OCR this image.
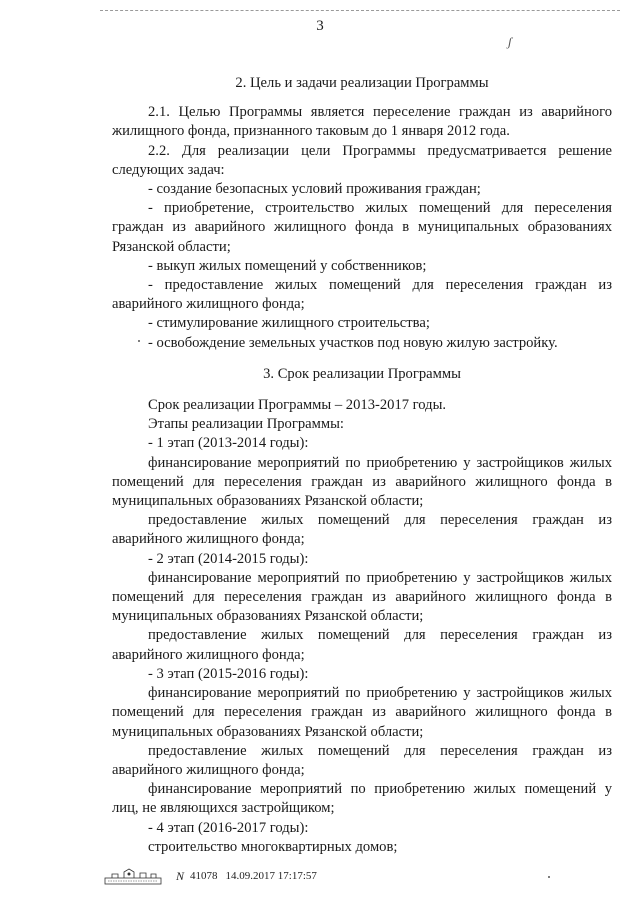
3
ʃ

2. Цель и задачи реализации Программы

2.1. Целью Программы является переселение граждан из аварийного жилищного фонда, признанного таковым до 1 января 2012 года.

2.2. Для реализации цели Программы предусматривается решение следующих задач:

- создание безопасных условий проживания граждан;

- приобретение, строительство жилых помещений для переселения граждан из аварийного жилищного фонда в муниципальных образованиях Рязанской области;

- выкуп жилых помещений у собственников;

- предоставление жилых помещений для переселения граждан из аварийного жилищного фонда;

- стимулирование жилищного строительства;

- освобождение земельных участков под новую жилую застройку.

3. Срок реализации Программы

Срок реализации Программы – 2013-2017 годы.

Этапы реализации Программы:

- 1 этап (2013-2014 годы):

финансирование мероприятий по приобретению у застройщиков жилых помещений для переселения граждан из аварийного жилищного фонда в муниципальных образованиях Рязанской области;

предоставление жилых помещений для переселения граждан из аварийного жилищного фонда;

- 2 этап (2014-2015 годы):

финансирование мероприятий по приобретению у застройщиков жилых помещений для переселения граждан из аварийного жилищного фонда в муниципальных образованиях Рязанской области;

предоставление жилых помещений для переселения граждан из аварийного жилищного фонда;

- 3 этап (2015-2016 годы):

финансирование мероприятий по приобретению у застройщиков жилых помещений для переселения граждан из аварийного жилищного фонда в муниципальных образованиях Рязанской области;

предоставление жилых помещений для переселения граждан из аварийного жилищного фонда;

финансирование мероприятий по приобретению жилых помещений у лиц, не являющихся застройщиком;

- 4 этап (2016-2017 годы):

строительство многоквартирных домов;

N 41078 14.09.2017 17:17:57
